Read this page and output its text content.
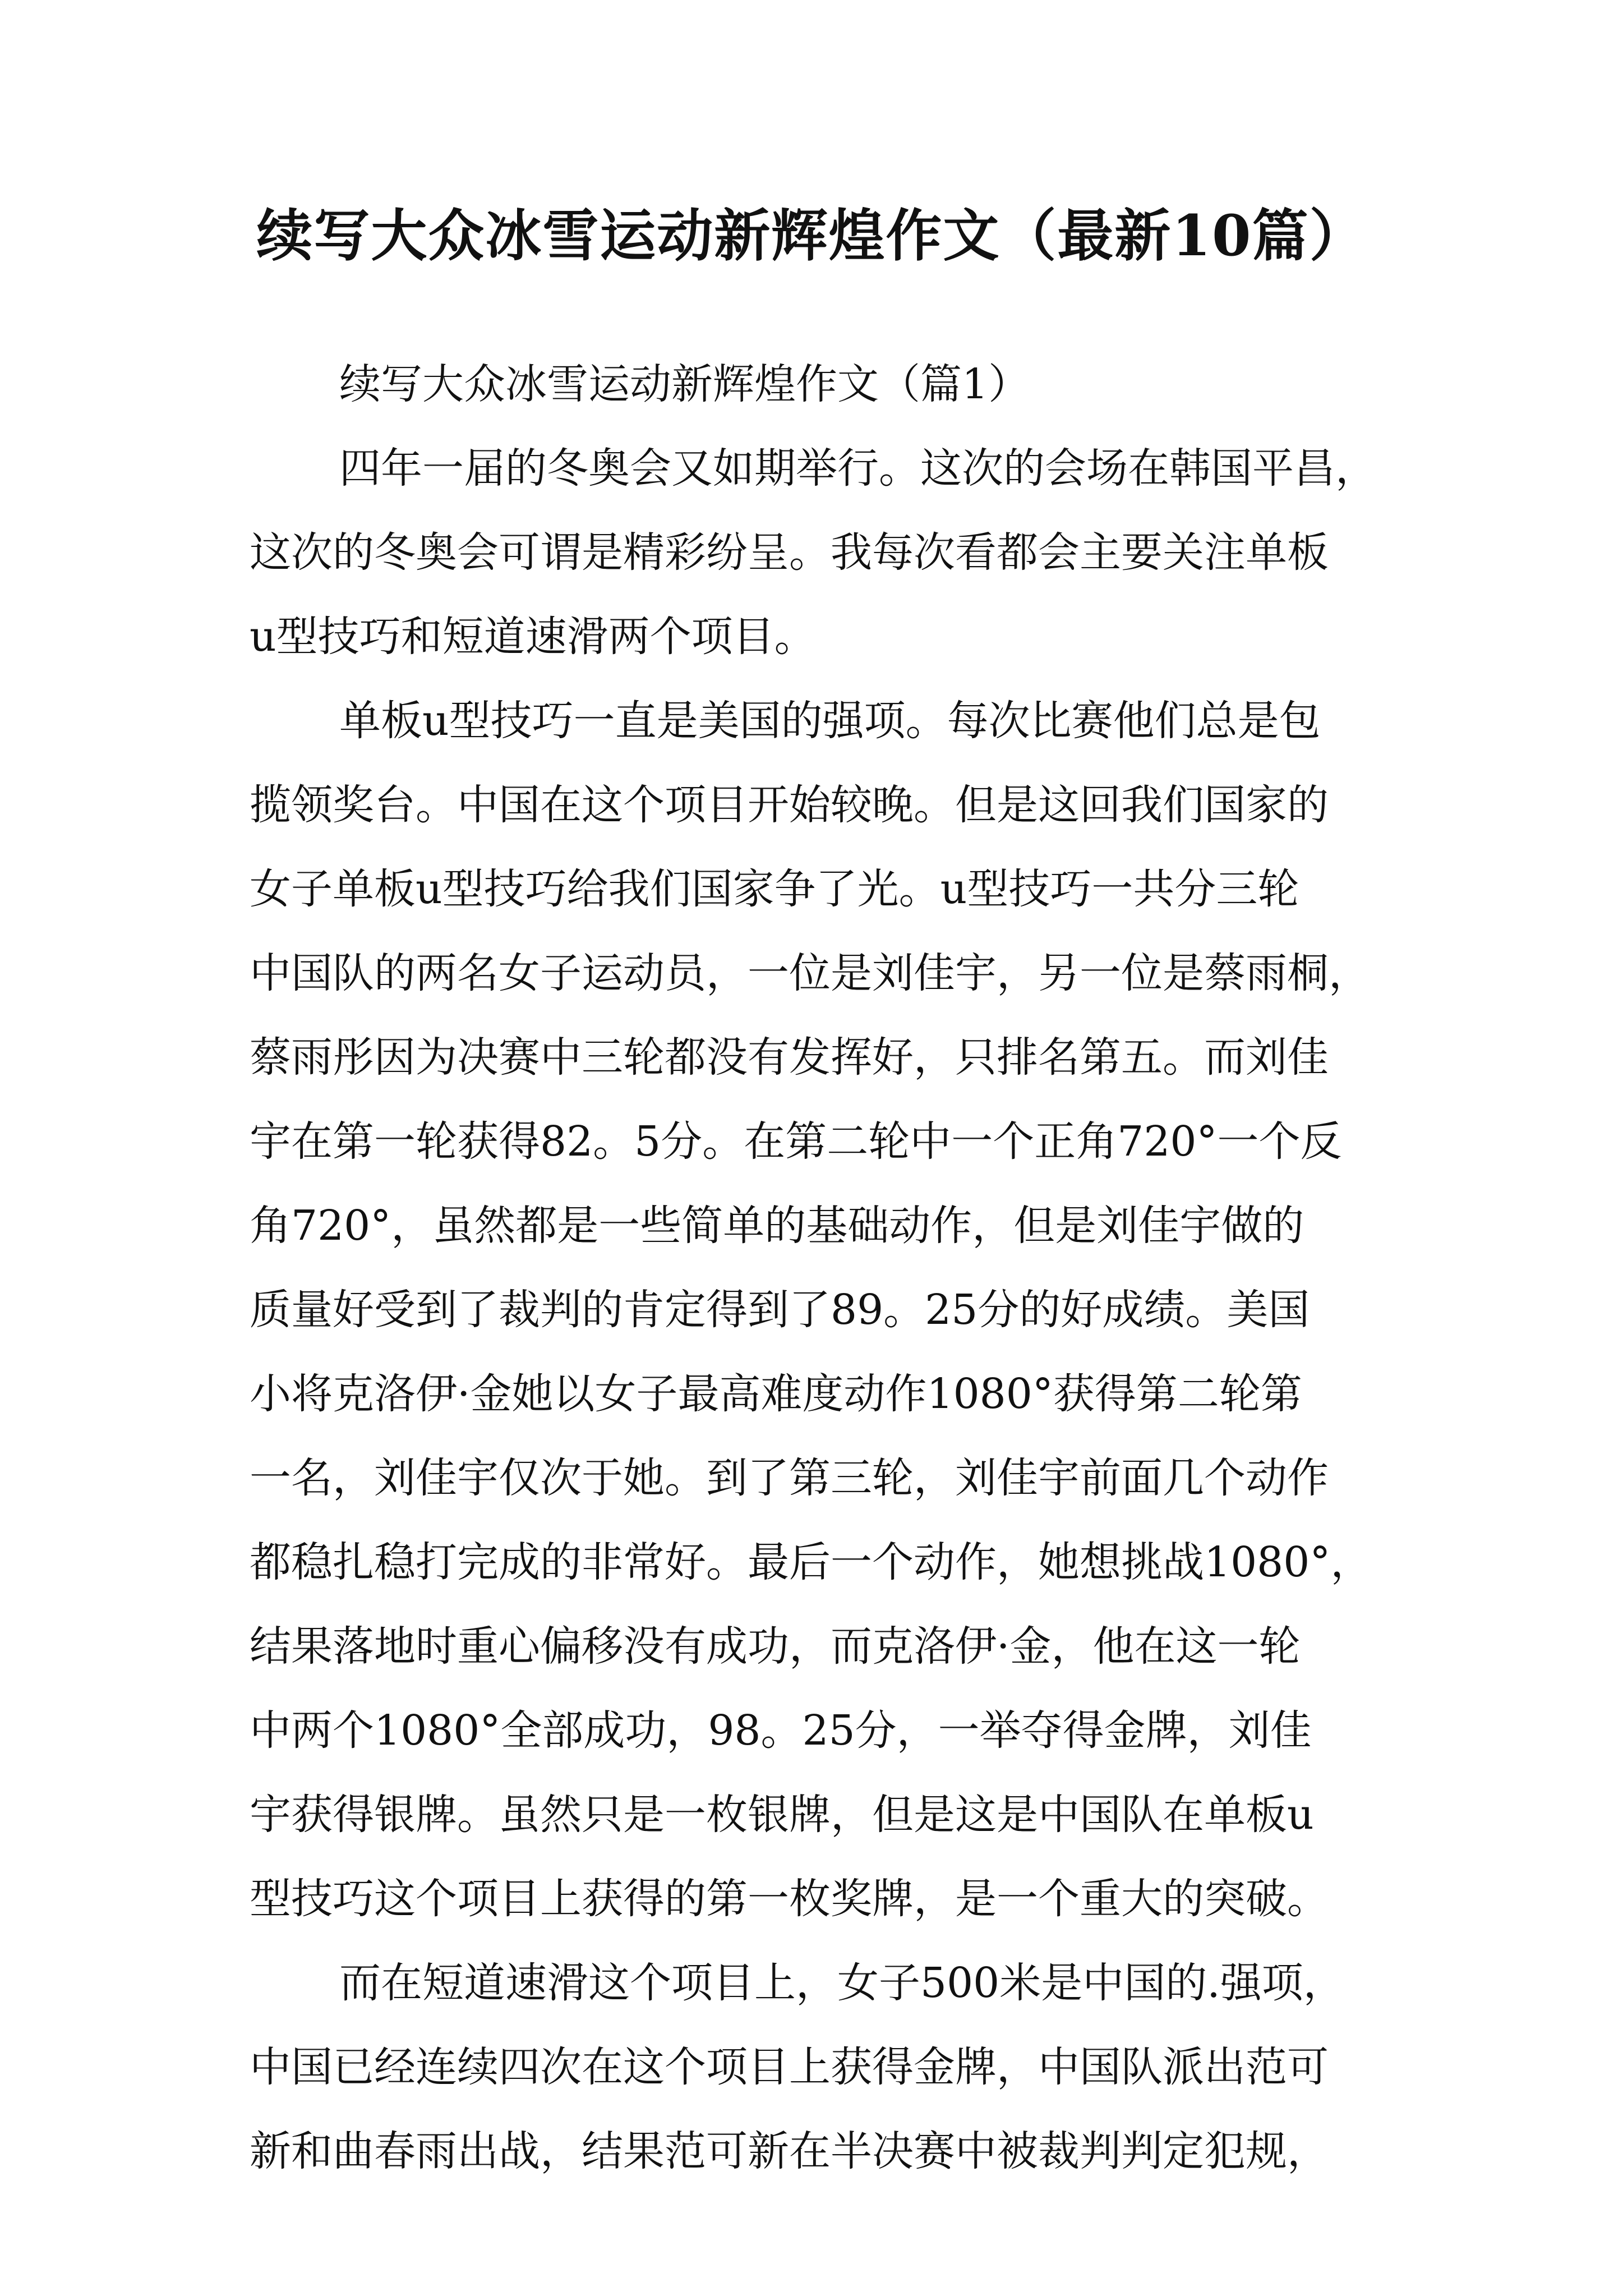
续写大众冰雪运动新辉煌作文（最新10篇）
续写大众冰雪运动新辉煌作文（篇1）
四年一届的冬奥会又如期举行。这次的会场在韩国平昌，
这次的冬奥会可谓是精彩纷呈。我每次看都会主要关注单板
u型技巧和短道速滑两个项目。
单板u型技巧一直是美国的强项。每次比赛他们总是包
揽领奖台。中国在这个项目开始较晚。但是这回我们国家的
女子单板u型技巧给我们国家争了光。u型技巧一共分三轮
中国队的两名女子运动员，一位是刘佳宇，另一位是蔡雨桐，
蔡雨彤因为决赛中三轮都没有发挥好，只排名第五。而刘佳
宇在第一轮获得82。5分。在第二轮中一个正角720°一个反
角720°，虽然都是一些简单的基础动作，但是刘佳宇做的
质量好受到了裁判的肯定得到了89。25分的好成绩。美国
小将克洛伊·金她以女子最高难度动作1080°获得第二轮第
一名，刘佳宇仅次于她。到了第三轮，刘佳宇前面几个动作
都稳扎稳打完成的非常好。最后一个动作，她想挑战1080°，
结果落地时重心偏移没有成功，而克洛伊·金，他在这一轮
中两个1080°全部成功，98。25分，一举夺得金牌，刘佳
宇获得银牌。虽然只是一枚银牌，但是这是中国队在单板u
型技巧这个项目上获得的第一枚奖牌，是一个重大的突破。
而在短道速滑这个项目上，女子500米是中国的.强项，
中国已经连续四次在这个项目上获得金牌，中国队派出范可
新和曲春雨出战，结果范可新在半决赛中被裁判判定犯规，
